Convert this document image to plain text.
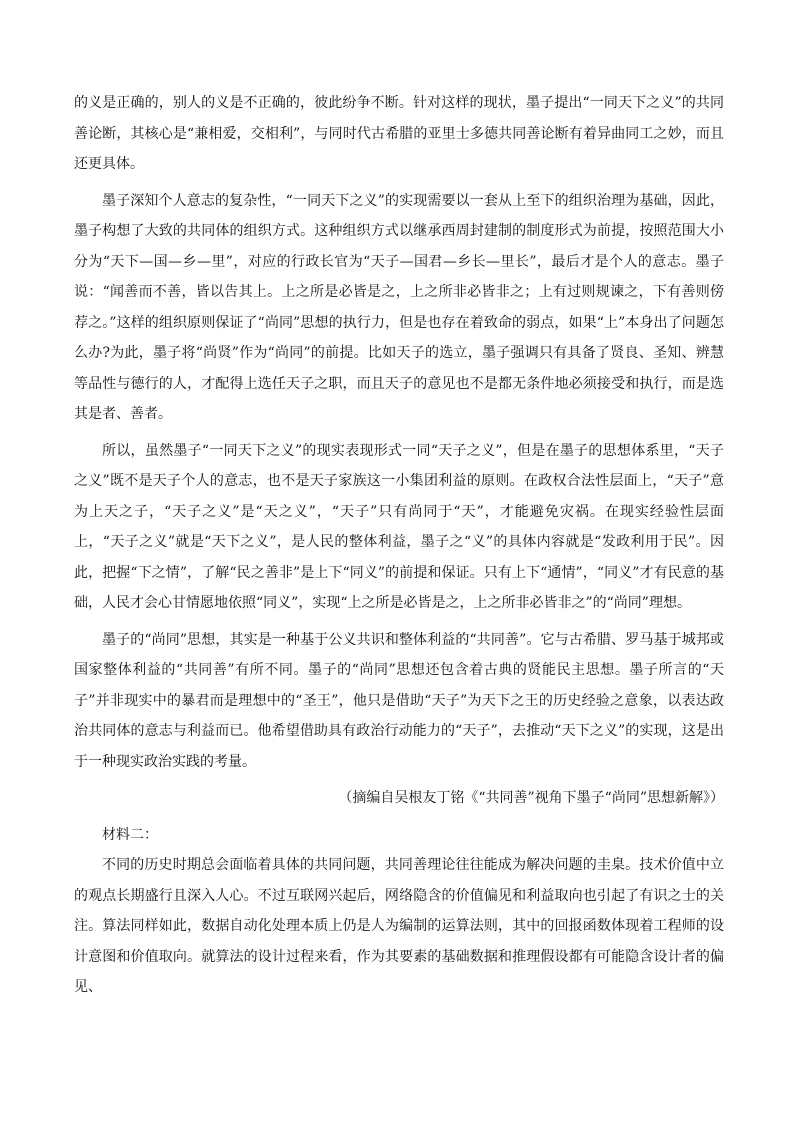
的义是正确的，别人的义是不正确的，彼此纷争不断。针对这样的现状，墨子提出“一同天下之义”的共同善论断，其核心是“兼相爱，交相利”，与同时代古希腊的亚里士多德共同善论断有着异曲同工之妙，而且还更具体。

墨子深知个人意志的复杂性，“一同天下之义”的实现需要以一套从上至下的组织治理为基础，因此，墨子构想了大致的共同体的组织方式。这种组织方式以继承西周封建制的制度形式为前提，按照范围大小分为“天下—国—乡—里”，对应的行政长官为“天子—国君—乡长—里长”，最后才是个人的意志。墨子说：“闻善而不善，皆以告其上。上之所是必皆是之，上之所非必皆非之；上有过则规谏之，下有善则傍荐之。”这样的组织原则保证了“尚同”思想的执行力，但是也存在着致命的弱点，如果“上”本身出了问题怎么办?为此，墨子将“尚贤”作为“尚同”的前提。比如天子的选立，墨子强调只有具备了贤良、圣知、辨慧等品性与德行的人，才配得上选任天子之职，而且天子的意见也不是都无条件地必须接受和执行，而是选其是者、善者。

所以，虽然墨子“一同天下之义”的现实表现形式一同“天子之义”，但是在墨子的思想体系里，“天子之义”既不是天子个人的意志，也不是天子家族这一小集团利益的原则。在政权合法性层面上，“天子”意为上天之子，“天子之义”是“天之义”，“天子”只有尚同于“天”，才能避免灾祸。在现实经验性层面上，“天子之义”就是“天下之义”，是人民的整体利益，墨子之“义”的具体内容就是“发政利用于民”。因此，把握“下之情”，了解“民之善非”是上下“同义”的前提和保证。只有上下“通情”，“同义”才有民意的基础，人民才会心甘情愿地依照“同义”，实现“上之所是必皆是之，上之所非必皆非之”的“尚同”理想。

墨子的“尚同”思想，其实是一种基于公义共识和整体利益的“共同善”。它与古希腊、罗马基于城邦或国家整体利益的“共同善”有所不同。墨子的“尚同”思想还包含着古典的贤能民主思想。墨子所言的“天子”并非现实中的暴君而是理想中的“圣王”，他只是借助“天子”为天下之王的历史经验之意象，以表达政治共同体的意志与利益而已。他希望借助具有政治行动能力的“天子”，去推动“天下之义”的实现，这是出于一种现实政治实践的考量。

（摘编自吴根友丁铭《“共同善”视角下墨子“尚同”思想新解》）

材料二：

不同的历史时期总会面临着具体的共同问题，共同善理论往往能成为解决问题的圭臬。技术价值中立的观点长期盛行且深入人心。不过互联网兴起后，网络隐含的价值偏见和利益取向也引起了有识之士的关注。算法同样如此，数据自动化处理本质上仍是人为编制的运算法则，其中的回报函数体现着工程师的设计意图和价值取向。就算法的设计过程来看，作为其要素的基础数据和推理假设都有可能隐含设计者的偏见、
